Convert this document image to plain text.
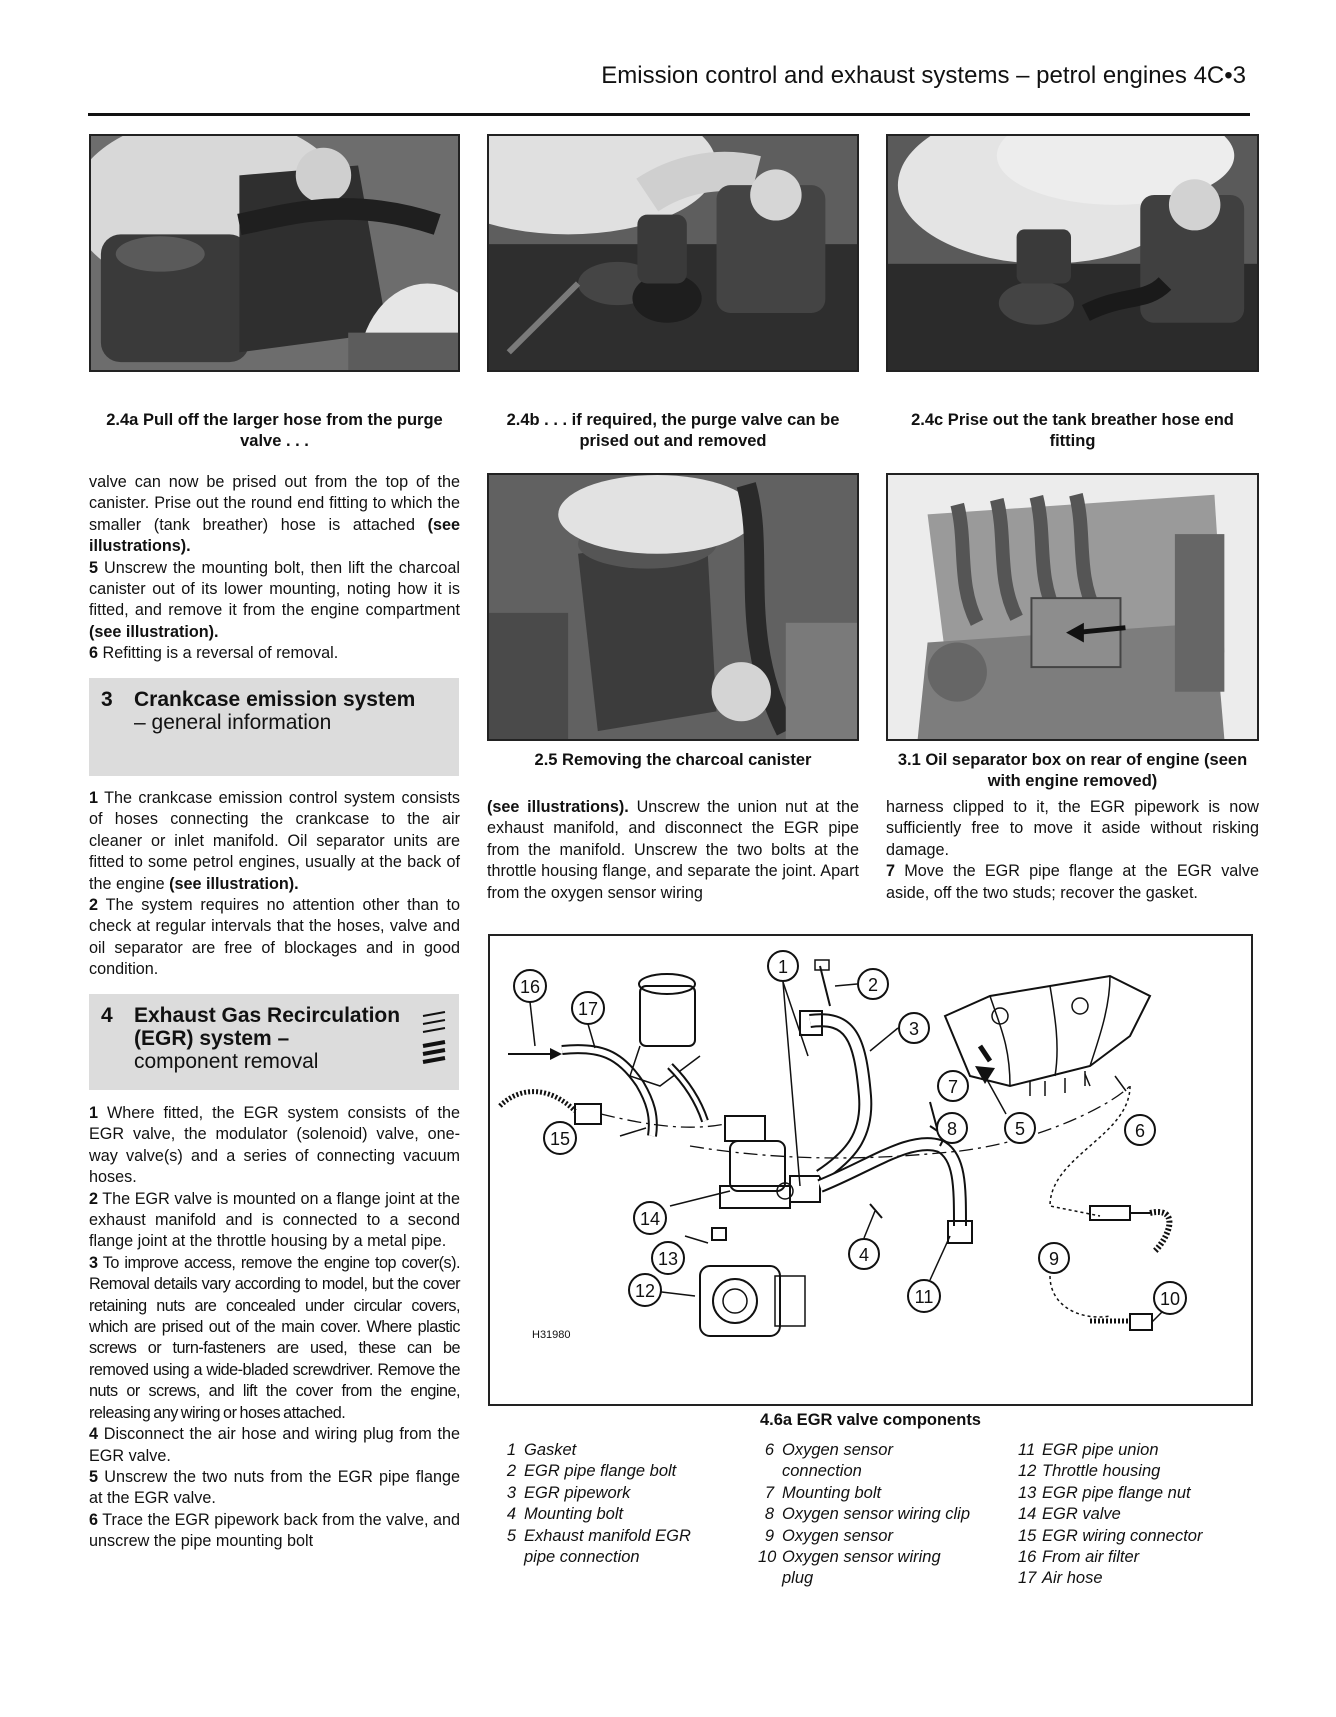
Emission control and exhaust systems – petrol engines 4C•3
2.4a Pull off the larger hose from the purge valve . . .
2.4b . . . if required, the purge valve can be prised out and removed
2.4c Prise out the tank breather hose end fitting

valve can now be prised out from the top of the canister. Prise out the round end fitting to which the smaller (tank breather) hose is attached (see illustrations).

5 Unscrew the mounting bolt, then lift the charcoal canister out of its lower mounting, noting how it is fitted, and remove it from the engine compartment (see illustration).

6 Refitting is a reversal of removal.

3 Crankcase emission system
– general information

1 The crankcase emission control system consists of hoses connecting the crankcase to the air cleaner or inlet manifold. Oil separator units are fitted to some petrol engines, usually at the back of the engine (see illustration).

2 The system requires no attention other than to check at regular intervals that the hoses, valve and oil separator are free of blockages and in good condition.

4 Exhaust Gas Recirculation
(EGR) system –
component removal

1 Where fitted, the EGR system consists of the EGR valve, the modulator (solenoid) valve, one-way valve(s) and a series of connecting vacuum hoses.

2 The EGR valve is mounted on a flange joint at the exhaust manifold and is connected to a second flange joint at the throttle housing by a metal pipe.

3 To improve access, remove the engine top cover(s). Removal details vary according to model, but the cover retaining nuts are concealed under circular covers, which are prised out of the main cover. Where plastic screws or turn-fasteners are used, these can be removed using a wide-bladed screwdriver. Remove the nuts or screws, and lift the cover from the engine, releasing any wiring or hoses attached.

4 Disconnect the air hose and wiring plug from the EGR valve.

5 Unscrew the two nuts from the EGR pipe flange at the EGR valve.

6 Trace the EGR pipework back from the valve, and unscrew the pipe mounting bolt

2.5 Removing the charcoal canister	3.1 Oil separator box on rear of engine (seen with engine removed)

(see illustrations). Unscrew the union nut at the exhaust manifold, and disconnect the EGR pipe from the manifold. Unscrew the two bolts at the throttle housing flange, and separate the joint. Apart from the oxygen sensor wiring

harness clipped to it, the EGR pipework is now sufficiently free to move it aside without risking damage.

7 Move the EGR pipe flange at the EGR valve aside, off the two studs; recover the gasket.

1
2
3
4
5	6
7
8
9
10
11
12
13
14
15
16
17
H31980
4.6a EGR valve components
1 Gasket
2 EGR pipe flange bolt
3 EGR pipework
4 Mounting bolt
5 Exhaust manifold EGR pipe connection
6 Oxygen sensor connection
7 Mounting bolt
8 Oxygen sensor wiring clip
9 Oxygen sensor
10 Oxygen sensor wiring plug
11 EGR pipe union
12 Throttle housing
13 EGR pipe flange nut
14 EGR valve
15 EGR wiring connector
16 From air filter
17 Air hose
